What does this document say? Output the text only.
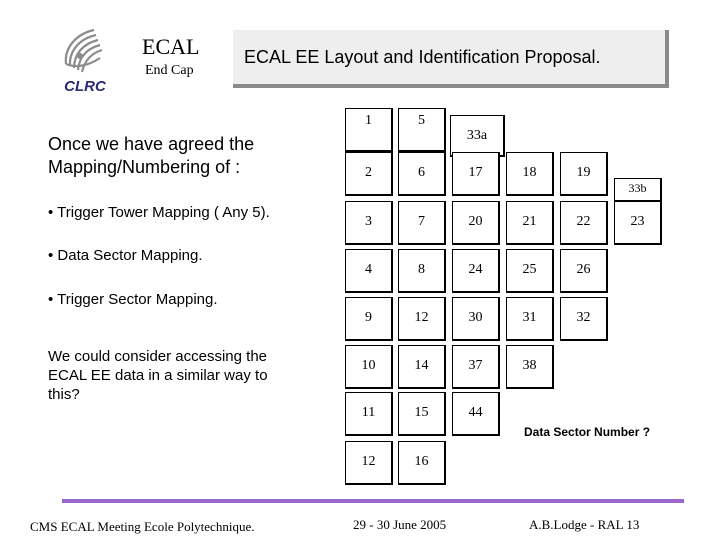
CLRC
ECAL
End Cap
ECAL EE Layout and Identification Proposal.
Once we have agreed the Mapping/Numbering of :
• Trigger Tower Mapping ( Any 5).
• Data Sector Mapping.
• Trigger Sector Mapping.
We could consider accessing the ECAL EE data in a similar way to this?
1	5
33a
2	6	17	18	19
33b
3	7	20	21	22	23
4	8	24	25	26
9	12	30	31	32
10	14	37	38
11	15	44
12	16
Data Sector Number ?
CMS ECAL Meeting Ecole Polytechnique.	29 - 30 June 2005	A.B.Lodge - RAL 13
